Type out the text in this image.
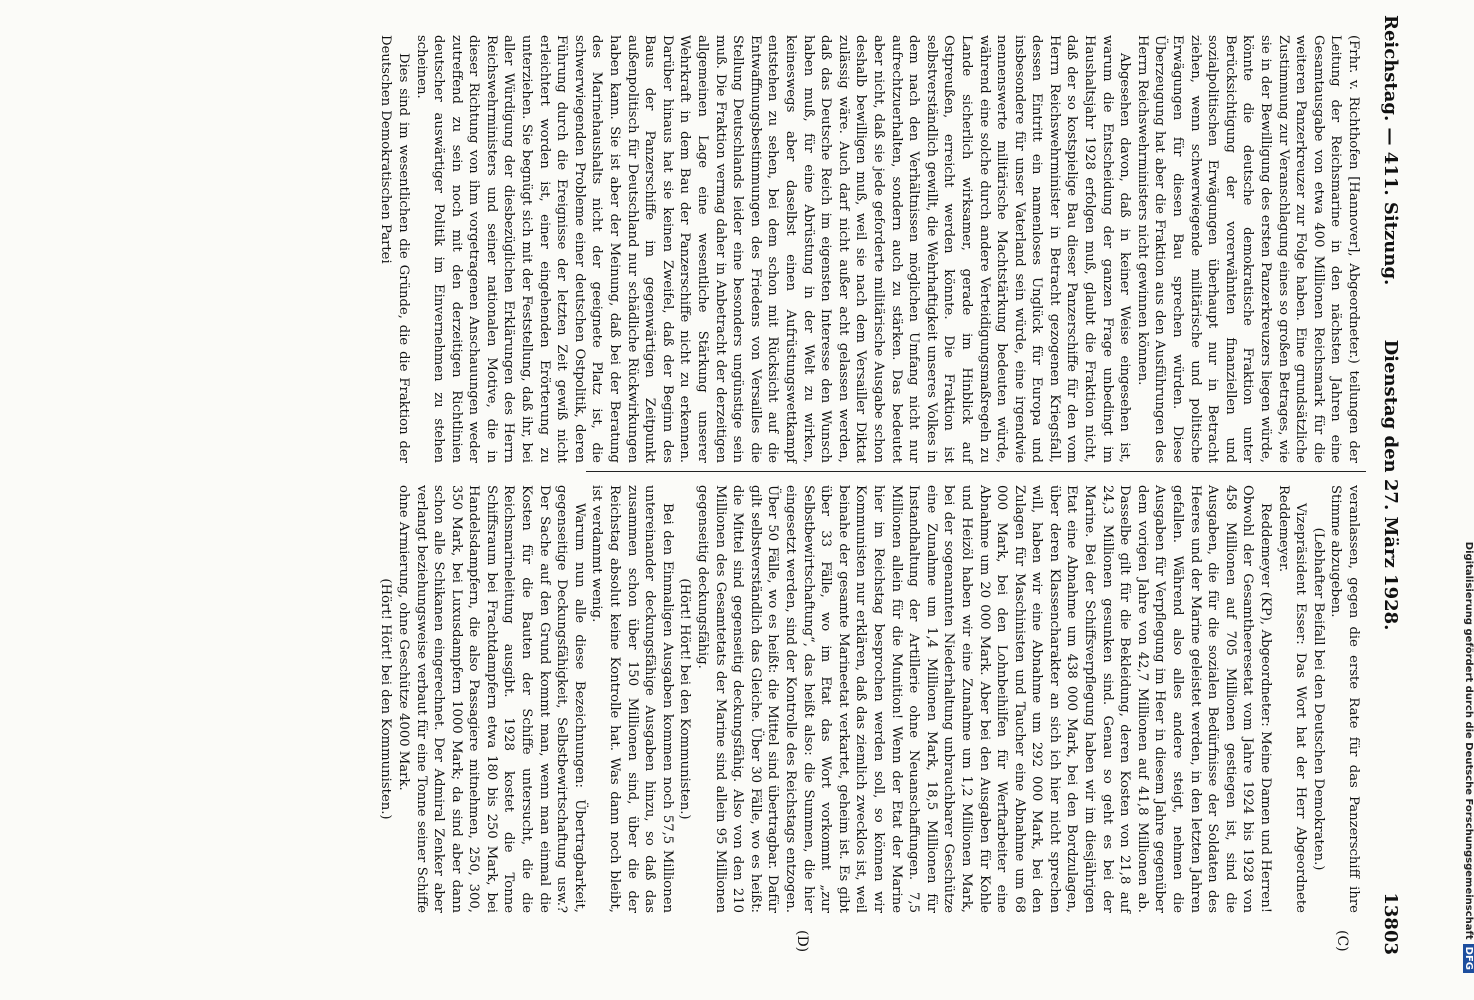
Reichstag. — 411. Sitzung.
Dienstag den 27. März 1928.
13803
(C)
(D)

(Frhr. v. Richthofen [Hannover], Abgeordneter.) teilungen der Leitung der Reichsmarine in den nächsten Jahren eine Gesamtausgabe von etwa 400 Millionen Reichsmark für die weiteren Panzerkreuzer zur Folge haben. Eine grundsätzliche Zustimmung zur Veranschlagung eines so großen Betrages, wie sie in der Bewilligung des ersten Panzerkreuzers liegen würde, könnte die deutsche demokratische Fraktion unter Berücksichtigung der vorerwähnten finanziellen und sozialpolitischen Erwägungen überhaupt nur in Betracht ziehen, wenn schwerwiegende militärische und politische Erwägungen für diesen Bau sprechen würden. Diese Überzeugung hat aber die Fraktion aus den Ausführungen des Herrn Reichswehrministers nicht gewinnen können.

Abgesehen davon, daß in keiner Weise eingesehen ist, warum die Entscheidung der ganzen Frage unbedingt im Haushaltsjahr 1928 erfolgen muß, glaubt die Fraktion nicht, daß der so kostspielige Bau dieser Panzerschiffe für den vom Herrn Reichswehrminister in Betracht gezogenen Kriegsfall, dessen Eintritt ein namenloses Unglück für Europa und insbesondere für unser Vaterland sein würde, eine irgendwie nennenswerte militärische Machtstärkung bedeuten würde, während eine solche durch andere Verteidigungsmaßregeln zu Lande sicherlich wirksamer, gerade im Hinblick auf Ostpreußen, erreicht werden könnte. Die Fraktion ist selbstverständlich gewillt, die Wehrhaftigkeit unseres Volkes in dem nach den Verhältnissen möglichen Umfang nicht nur aufrechtzuerhalten, sondern auch zu stärken. Das bedeutet aber nicht, daß sie jede geforderte militärische Ausgabe schon deshalb bewilligen muß, weil sie nach dem Versailler Diktat zulässig wäre. Auch darf nicht außer acht gelassen werden, daß das Deutsche Reich im eigensten Interesse den Wunsch haben muß, für eine Abrüstung in der Welt zu wirken, keineswegs aber daselbst einen Aufrüstungswettkampf entstehen zu sehen, bei dem schon mit Rücksicht auf die Entwaffnungsbestimmungen des Friedens von Versailles die Stellung Deutschlands leider eine besonders ungünstige sein muß. Die Fraktion vermag daher in Anbetracht der derzeitigen allgemeinen Lage eine wesentliche Stärkung unserer Wehrkraft in dem Bau der Panzerschiffe nicht zu erkennen. Darüber hinaus hat sie keinen Zweifel, daß der Beginn des Baus der Panzerschiffe im gegenwärtigen Zeitpunkt außenpolitisch für Deutschland nur schädliche Rückwirkungen haben kann. Sie ist aber der Meinung, daß bei der Beratung des Marinehaushalts nicht der geeignete Platz ist, die schwerwiegenden Probleme einer deutschen Ostpolitik, deren Führung durch die Ereignisse der letzten Zeit gewiß nicht erleichtert worden ist, einer eingehenden Erörterung zu unterziehen. Sie begnügt sich mit der Feststellung, daß ihr, bei aller Würdigung der diesbezüglichen Erklärungen des Herrn Reichswehrministers und seiner nationalen Motive, die in dieser Richtung von ihm vorgetragenen Anschauungen weder zutreffend zu sein noch mit den derzeitigen Richtlinien deutscher auswärtiger Politik im Einvernehmen zu stehen scheinen.

Dies sind im wesentlichen die Gründe, die die Fraktion der Deutschen Demokratischen Partei

veranlassen, gegen die erste Rate für das Panzerschiff ihre Stimme abzugeben.

(Lebhafter Beifall bei den Deutschen Demokraten.)

Vizepräsident Esser: Das Wort hat der Herr Abgeordnete Reddemeyer.

Reddemeyer (KP), Abgeordneter: Meine Damen und Herren! Obwohl der Gesamtheeresetat vom Jahre 1924 bis 1928 von 458 Millionen auf 705 Millionen gestiegen ist, sind die Ausgaben, die für die sozialen Bedürfnisse der Soldaten des Heeres und der Marine geleistet werden, in den letzten Jahren gefallen. Während also alles andere steigt, nehmen die Ausgaben für Verpflegung im Heer in diesem Jahre gegenüber dem vorigen Jahre von 42,7 Millionen auf 41,8 Millionen ab. Dasselbe gilt für die Bekleidung, deren Kosten von 21,8 auf 24,3 Millionen gesunken sind. Genau so geht es bei der Marine. Bei der Schiffsverpflegung haben wir im diesjährigen Etat eine Abnahme um 438 000 Mark, bei den Bordzulagen, über deren Klassencharakter an sich ich hier nicht sprechen will, haben wir eine Abnahme um 292 000 Mark, bei den Zulagen für Maschinisten und Taucher eine Abnahme um 68 000 Mark, bei den Lohnbeihilfen für Werftarbeiter eine Abnahme um 20 000 Mark. Aber bei den Ausgaben für Kohle und Heizöl haben wir eine Zunahme um 1,2 Millionen Mark, bei der sogenannten Niederhaltung unbrauchbarer Geschütze eine Zunahme um 1,4 Millionen Mark, 18,5 Millionen für Instandhaltung der Artillerie ohne Neuanschaffungen. 7,5 Millionen allein für die Munition! Wenn der Etat der Marine hier im Reichstag besprochen werden soll, so können wir Kommunisten nur erklären, daß das ziemlich zwecklos ist, weil beinahe der gesamte Marineetat verkartet, geheim ist. Es gibt über 33 Fälle, wo im Etat das Wort vorkommt „zur Selbstbewirtschaftung“, das heißt also: die Summen, die hier eingesetzt werden, sind der Kontrolle des Reichstags entzogen. Über 50 Fälle, wo es heißt: die Mittel sind übertragbar. Dafür gilt selbstverständlich das Gleiche. Über 30 Fälle, wo es heißt: die Mittel sind gegenseitig deckungsfähig. Also von den 210 Millionen des Gesamtetats der Marine sind allein 95 Millionen gegenseitig deckungsfähig.

(Hört! Hört! bei den Kommunisten.)

Bei den Einmaligen Ausgaben kommen noch 57,5 Millionen untereinander deckungsfähige Ausgaben hinzu, so daß das zusammen schon über 150 Millionen sind, über die der Reichstag absolut keine Kontrolle hat. Was dann noch bleibt, ist verdammt wenig.

Warum nun alle diese Bezeichnungen: Übertragbarkeit, gegenseitige Deckungsfähigkeit, Selbstbewirtschaftung usw.? Der Sache auf den Grund kommt man, wenn man einmal die Kosten für die Bauten der Schiffe untersucht, die die Reichsmarineleitung ausgibt. 1928 kostet die Tonne Schiffsraum bei Frachtdampfern etwa 180 bis 250 Mark, bei Handelsdampfern, die also Passagiere mitnehmen, 250, 300, 350 Mark, bei Luxusdampfern 1000 Mark; da sind aber dann schon alle Schikanen eingerechnet. Der Admiral Zenker aber verlangt beziehungsweise verbaut für eine Tonne seiner Schiffe ohne Armierung, ohne Geschütze 4000 Mark.

(Hört! Hört! bei den Kommunisten.)	Digitalisierung gefördert durch die Deutsche ForschungsgemeinschaftDFG
